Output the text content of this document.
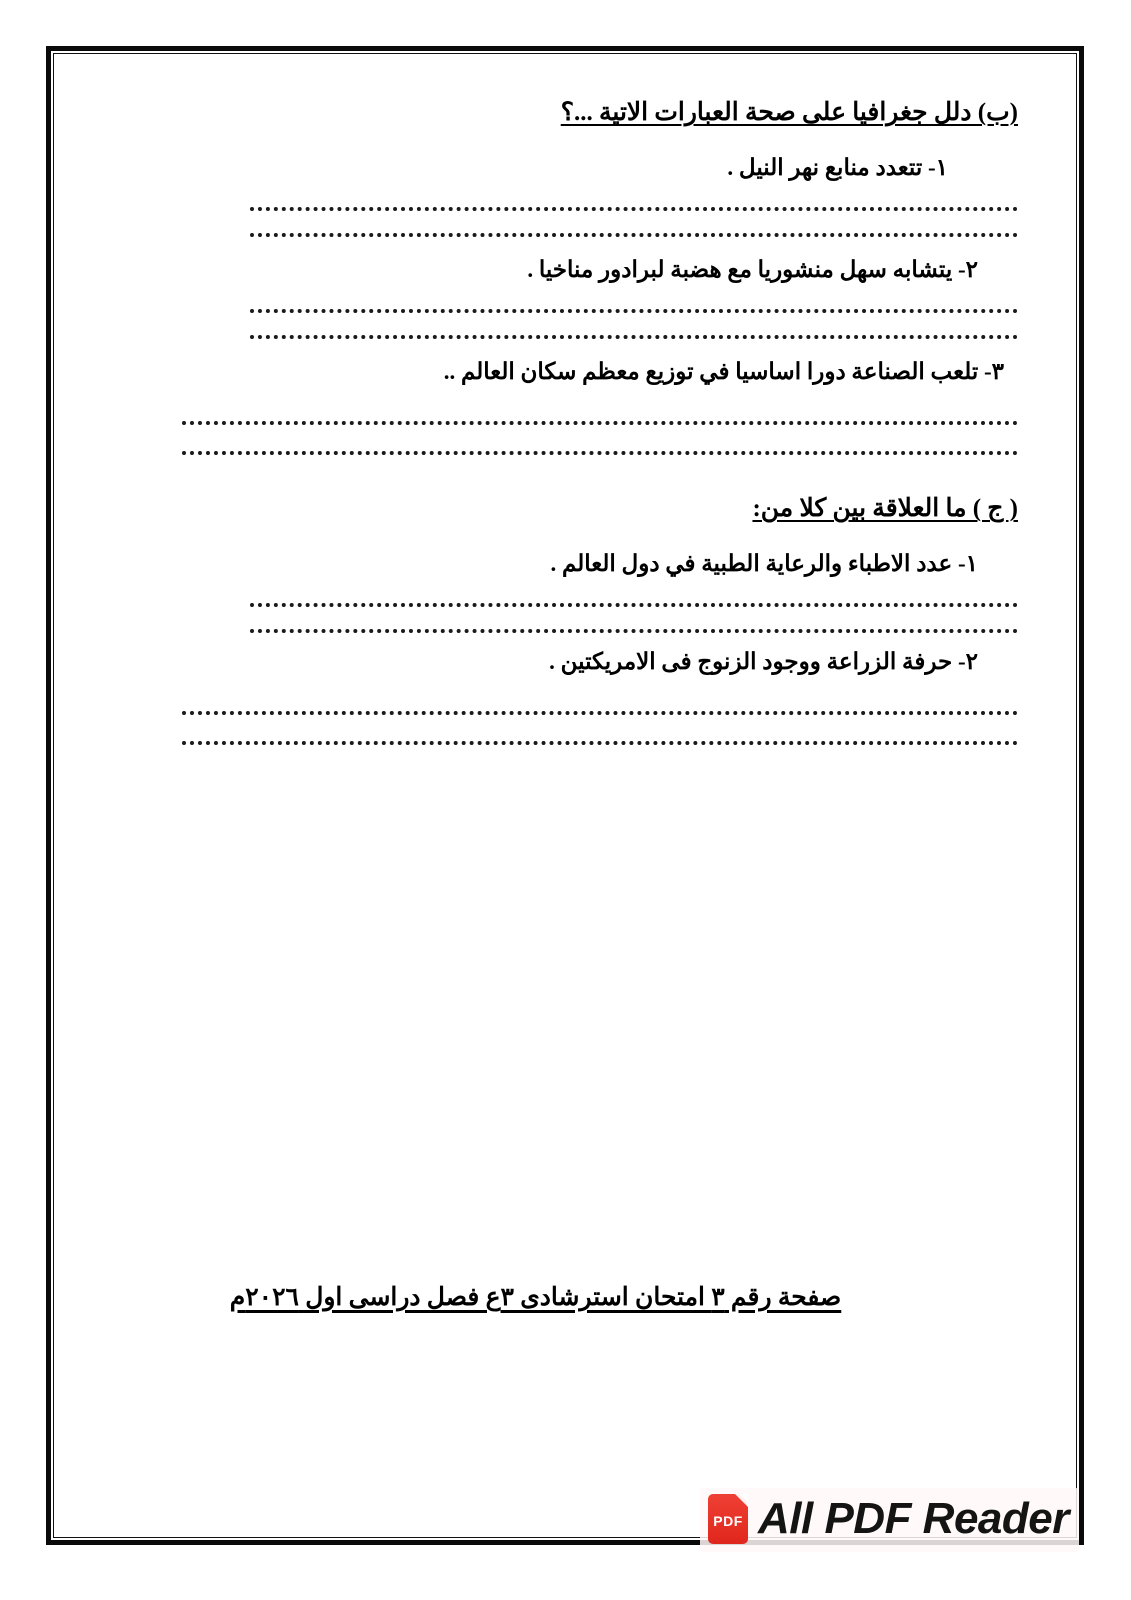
(ب) دلل جغرافيا على صحة العبارات الاتية ...؟
١- تتعدد منابع نهر النيل .
٢- يتشابه سهل منشوريا مع هضبة لبرادور مناخيا .
٣- تلعب الصناعة دورا اساسيا في توزيع معظم سكان العالم ..
( ج ) ما العلاقة بين كلا من:
١- عدد الاطباء والرعاية الطبية في دول العالم .
٢- حرفة الزراعة ووجود الزنوج فى الامريكتين .
صفحة رقم ٣ امتحان استرشادى ٣ع فصل دراسى اول ٢٠٢٦م
PDF All PDF Reader
